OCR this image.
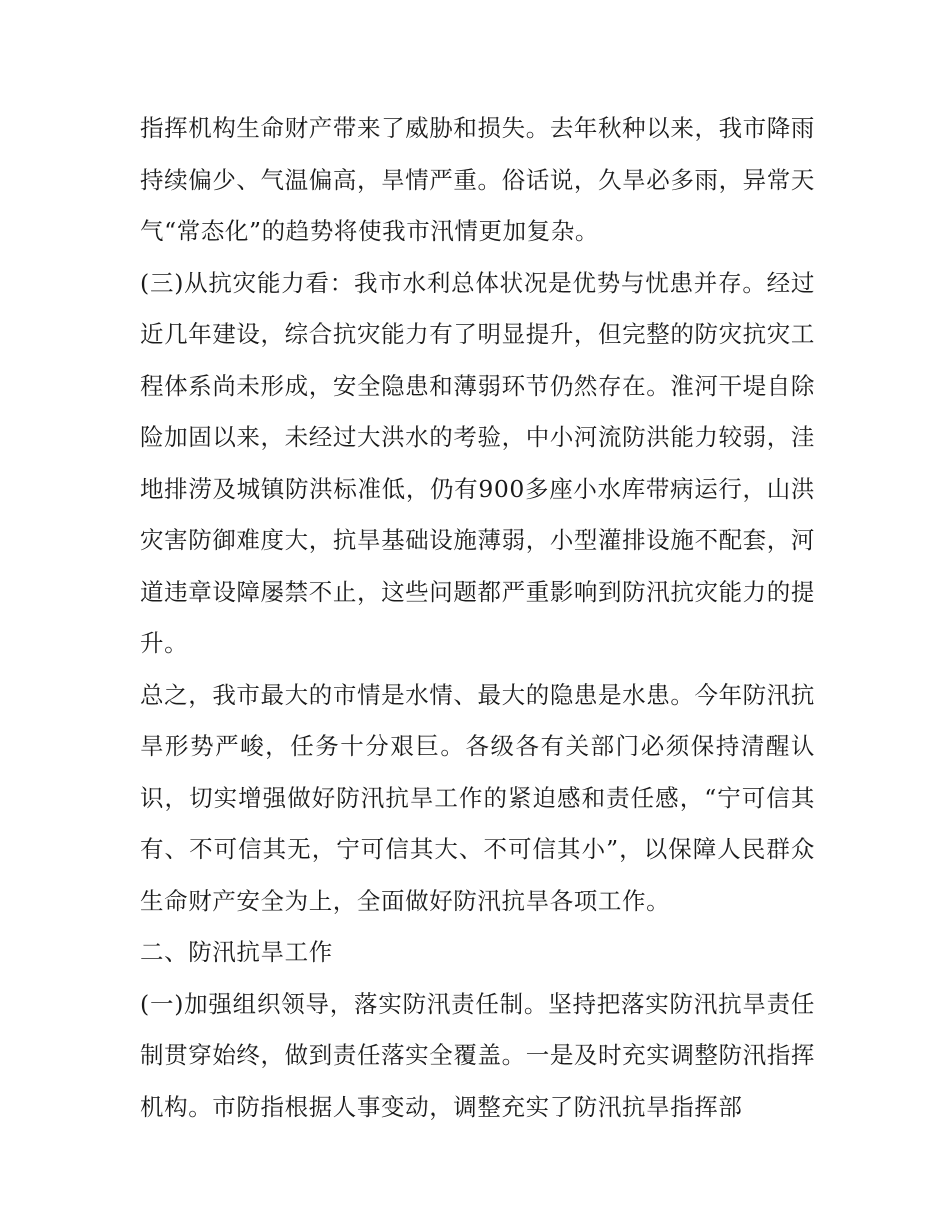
指挥机构生命财产带来了威胁和损失。去年秋种以来，我市降雨持续偏少、气温偏高，旱情严重。俗话说，久旱必多雨，异常天气“常态化”的趋势将使我市汛情更加复杂。

(三)从抗灾能力看：我市水利总体状况是优势与忧患并存。经过近几年建设，综合抗灾能力有了明显提升，但完整的防灾抗灾工程体系尚未形成，安全隐患和薄弱环节仍然存在。淮河干堤自除险加固以来，未经过大洪水的考验，中小河流防洪能力较弱，洼地排涝及城镇防洪标准低，仍有900多座小水库带病运行，山洪灾害防御难度大，抗旱基础设施薄弱，小型灌排设施不配套，河道违章设障屡禁不止，这些问题都严重影响到防汛抗灾能力的提升。

总之，我市最大的市情是水情、最大的隐患是水患。今年防汛抗旱形势严峻，任务十分艰巨。各级各有关部门必须保持清醒认识，切实增强做好防汛抗旱工作的紧迫感和责任感，“宁可信其有、不可信其无，宁可信其大、不可信其小”，以保障人民群众生命财产安全为上，全面做好防汛抗旱各项工作。

二、防汛抗旱工作

(一)加强组织领导，落实防汛责任制。坚持把落实防汛抗旱责任制贯穿始终，做到责任落实全覆盖。一是及时充实调整防汛指挥机构。市防指根据人事变动，调整充实了防汛抗旱指挥部
